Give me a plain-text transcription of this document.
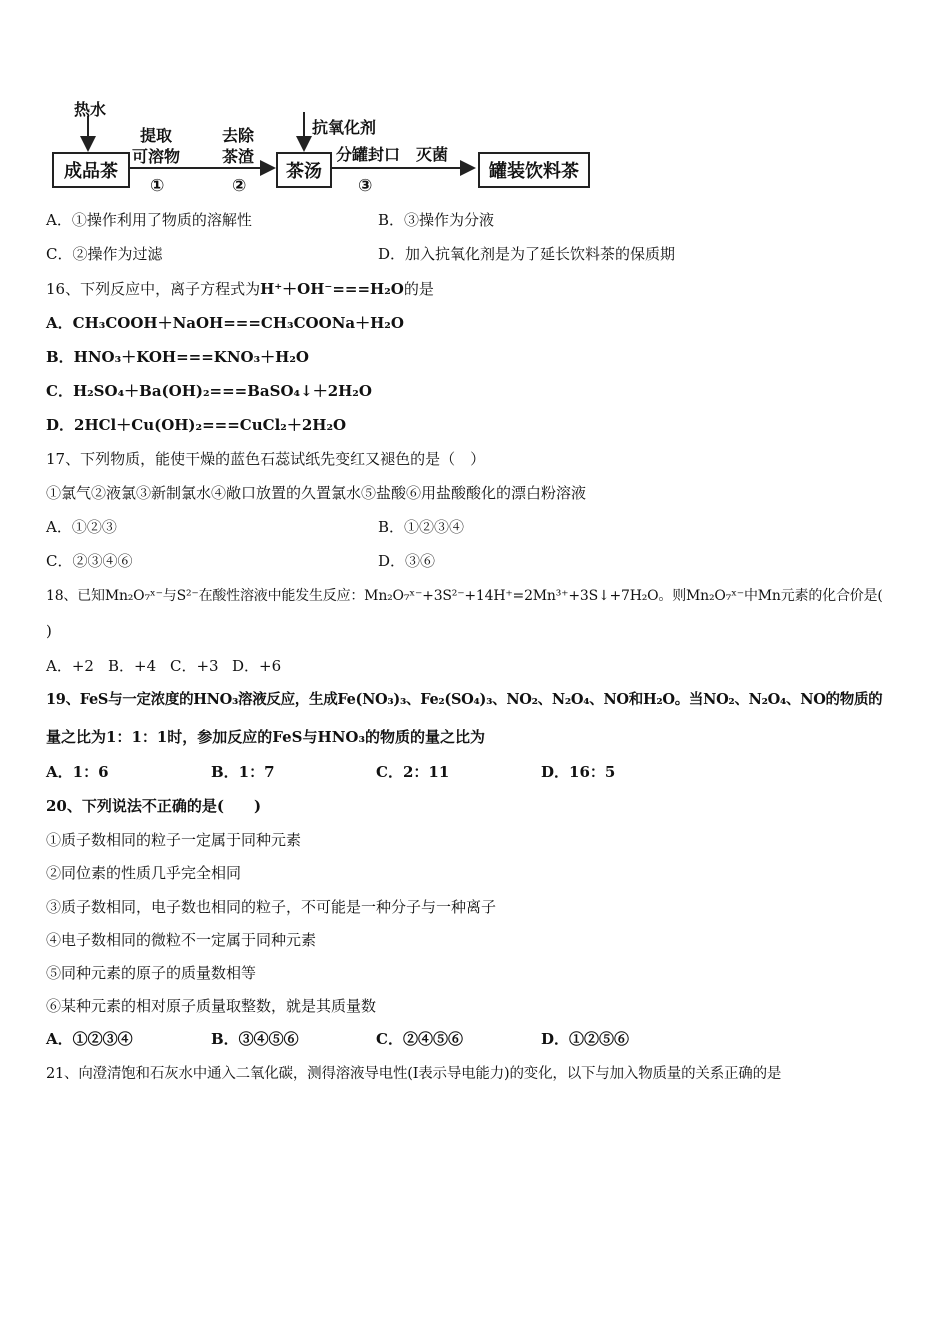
热水
成品茶
提取
可溶物
①
去除
茶渣
②
抗氧化剂
茶汤
分罐封口
③
灭菌
罐装饮料茶
A．①操作利用了物质的溶解性	B．③操作为分液
C．②操作为过滤	D．加入抗氧化剂是为了延长饮料茶的保质期
16、下列反应中，离子方程式为H⁺＋OH⁻===H₂O的是
A．CH₃COOH＋NaOH===CH₃COONa＋H₂O
B．HNO₃＋KOH===KNO₃＋H₂O
C．H₂SO₄＋Ba(OH)₂===BaSO₄↓＋2H₂O
D．2HCl＋Cu(OH)₂===CuCl₂＋2H₂O
17、下列物质，能使干燥的蓝色石蕊试纸先变红又褪色的是（　）
①氯气②液氯③新制氯水④敞口放置的久置氯水⑤盐酸⑥用盐酸酸化的漂白粉溶液
A．①②③	B．①②③④
C．②③④⑥	D．③⑥
18、已知Mn₂O₇ˣ⁻与S²⁻在酸性溶液中能发生反应：Mn₂O₇ˣ⁻+3S²⁻+14H⁺=2Mn³⁺+3S↓+7H₂O。则Mn₂O₇ˣ⁻中Mn元素的化合价是(
)
A．+2 B．+4 C．+3 D．+6
19、FeS与一定浓度的HNO₃溶液反应，生成Fe(NO₃)₃、Fe₂(SO₄)₃、NO₂、N₂O₄、NO和H₂O。当NO₂、N₂O₄、NO的物质的
量之比为1：1：1时，参加反应的FeS与HNO₃的物质的量之比为
A．1：6	B．1：7	C．2：11	D．16：5
20、下列说法不正确的是(　　)
①质子数相同的粒子一定属于同种元素
②同位素的性质几乎完全相同
③质子数相同，电子数也相同的粒子，不可能是一种分子与一种离子
④电子数相同的微粒不一定属于同种元素
⑤同种元素的原子的质量数相等
⑥某种元素的相对原子质量取整数，就是其质量数
A．①②③④	B．③④⑤⑥	C．②④⑤⑥	D．①②⑤⑥
21、向澄清饱和石灰水中通入二氧化碳，测得溶液导电性(I表示导电能力)的变化，以下与加入物质量的关系正确的是
